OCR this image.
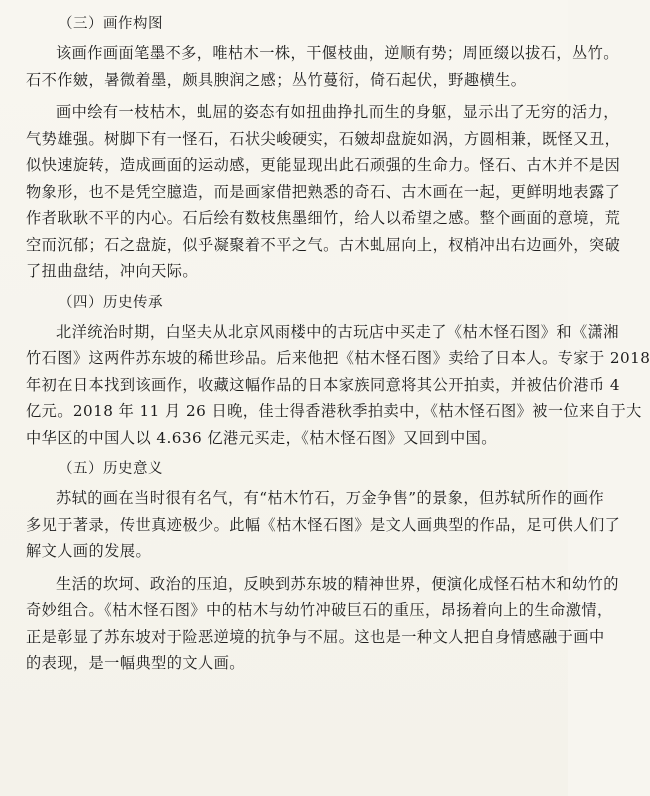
（三）画作构图
该画作画面笔墨不多，唯枯木一株，干偃枝曲，逆顺有势；周匝缀以拔石，丛竹。
石不作皴，暑微着墨，颇具腴润之感；丛竹蔓衍，倚石起伏，野趣横生。
画中绘有一枝枯木，虬屈的姿态有如扭曲挣扎而生的身躯，显示出了无穷的活力，
气势雄强。树脚下有一怪石，石状尖峻硬实，石皴却盘旋如涡，方圆相兼，既怪又丑，
似快速旋转，造成画面的运动感，更能显现出此石顽强的生命力。怪石、古木并不是因
物象形，也不是凭空臆造，而是画家借把熟悉的奇石、古木画在一起，更鲜明地表露了
作者耿耿不平的内心。石后绘有数枝焦墨细竹，给人以希望之感。整个画面的意境，荒
空而沉郁；石之盘旋，似乎凝聚着不平之气。古木虬屈向上，杈梢冲出右边画外，突破
了扭曲盘结，冲向天际。
（四）历史传承
北洋统治时期，白坚夫从北京风雨楼中的古玩店中买走了《枯木怪石图》和《潇湘
竹石图》这两件苏东坡的稀世珍品。后来他把《枯木怪石图》卖给了日本人。专家于 2018
年初在日本找到该画作，收藏这幅作品的日本家族同意将其公开拍卖，并被估价港币 4
亿元。2018 年 11 月 26 日晚，佳士得香港秋季拍卖中，《枯木怪石图》被一位来自于大
中华区的中国人以 4.636 亿港元买走，《枯木怪石图》又回到中国。
（五）历史意义
苏轼的画在当时很有名气，有“枯木竹石，万金争售”的景象，但苏轼所作的画作
多见于著录，传世真迹极少。此幅《枯木怪石图》是文人画典型的作品，足可供人们了
解文人画的发展。
生活的坎坷、政治的压迫，反映到苏东坡的精神世界，便演化成怪石枯木和幼竹的
奇妙组合。《枯木怪石图》中的枯木与幼竹冲破巨石的重压，昂扬着向上的生命激情，
正是彰显了苏东坡对于险恶逆境的抗争与不屈。这也是一种文人把自身情感融于画中
的表现，是一幅典型的文人画。
